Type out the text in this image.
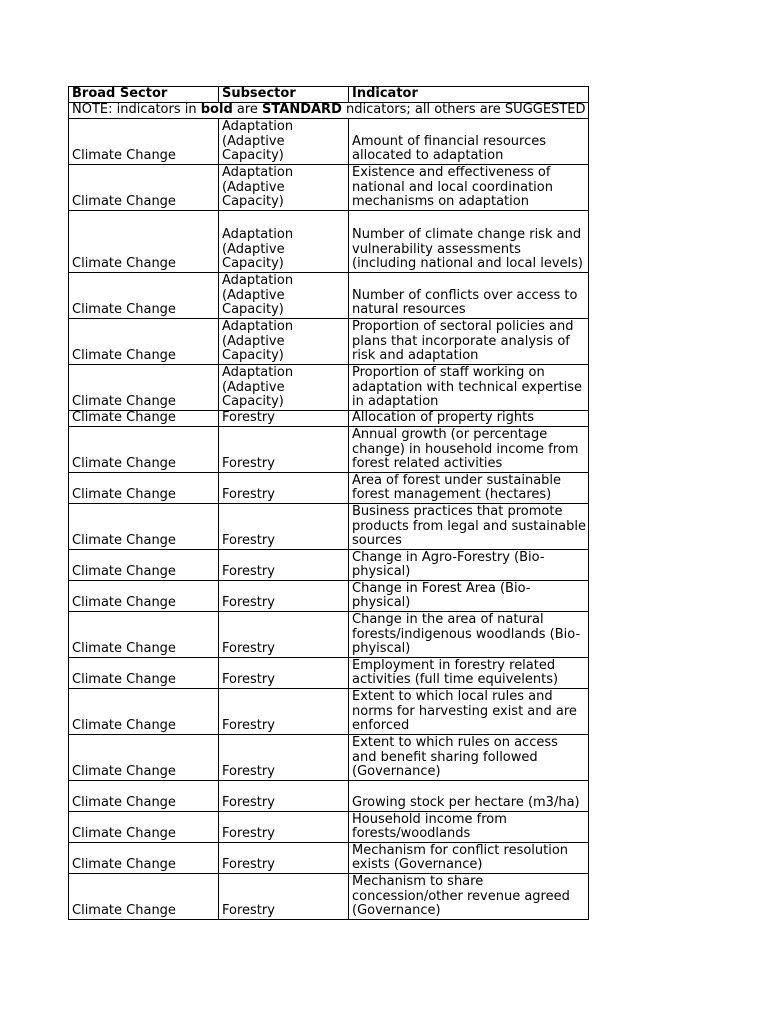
Broad Sector	Subsector	Indicator
NOTE: indicators in bold are STANDARD ndicators; all others are SUGGESTED		
Climate Change	Adaptation (Adaptive Capacity)	Amount of financial resources allocated to adaptation
Climate Change	Adaptation (Adaptive Capacity)	Existence and effectiveness of national and local coordination mechanisms on adaptation
Climate Change	Adaptation (Adaptive Capacity)	Number of climate change risk and vulnerability assessments (including national and local levels)
Climate Change	Adaptation (Adaptive Capacity)	Number of conflicts over access to natural resources
Climate Change	Adaptation (Adaptive Capacity)	Proportion of sectoral policies and plans that incorporate analysis of risk and adaptation
Climate Change	Adaptation (Adaptive Capacity)	Proportion of staff working on adaptation with technical expertise in adaptation
Climate Change	Forestry	Allocation of property rights
Climate Change	Forestry	Annual growth (or percentage change) in household income from forest related activities
Climate Change	Forestry	Area of forest under sustainable forest management (hectares)
Climate Change	Forestry	Business practices that promote products from legal and sustainable sources
Climate Change	Forestry	Change in Agro-Forestry (Bio-physical)
Climate Change	Forestry	Change in Forest Area (Bio-physical)
Climate Change	Forestry	Change in the area of natural forests/indigenous woodlands (Bio-phyiscal)
Climate Change	Forestry	Employment in forestry related activities (full time equivelents)
Climate Change	Forestry	Extent to which local rules and norms for harvesting exist and are enforced
Climate Change	Forestry	Extent to which rules on access and benefit sharing followed (Governance)
Climate Change	Forestry	Growing stock per hectare (m3/ha)
Climate Change	Forestry	Household income from forests/woodlands
Climate Change	Forestry	Mechanism for conflict resolution exists (Governance)
Climate Change	Forestry	Mechanism to share concession/other revenue agreed (Governance)
